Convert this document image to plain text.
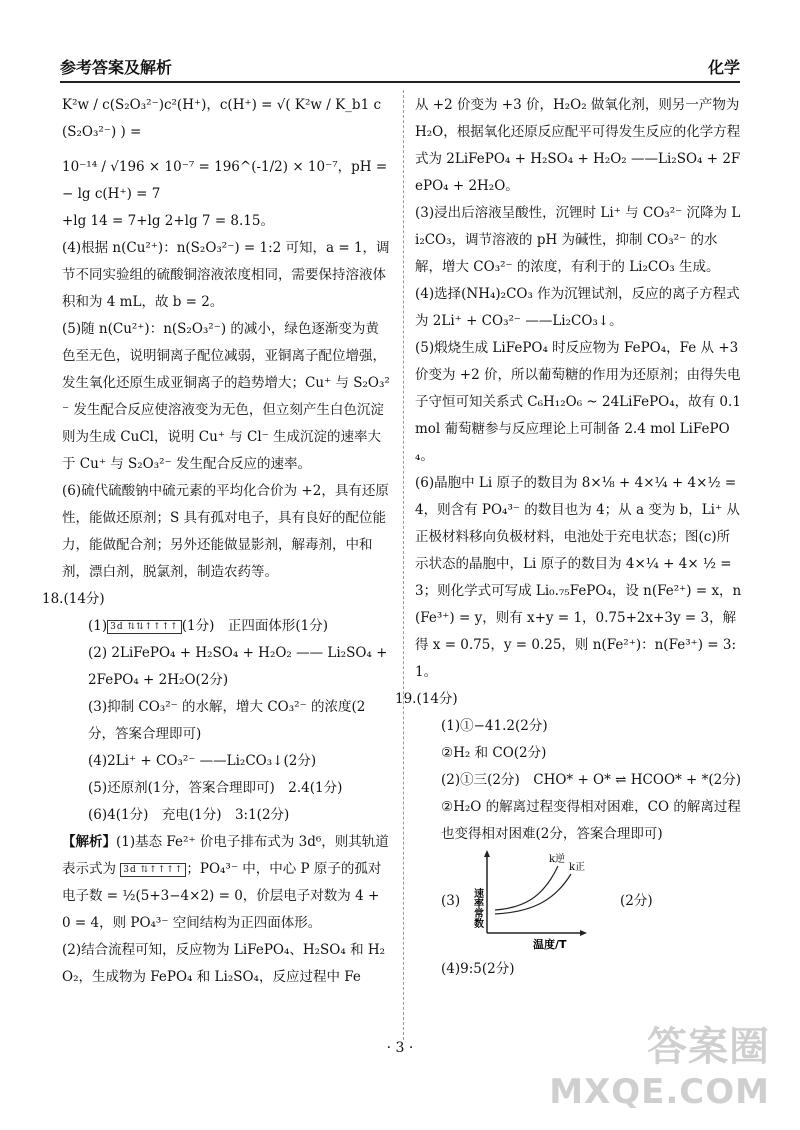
参考答案及解析	化学

K²w / c(S₂O₃²⁻)c²(H⁺)，c(H⁺) = √( K²w / K_b1 c(S₂O₃²⁻) ) =

10⁻¹⁴ / √196 × 10⁻⁷ = 196^(-1/2) × 10⁻⁷，pH = − lg c(H⁺) = 7

+lg 14 = 7+lg 2+lg 7 = 8.15。

(4)根据 n(Cu²⁺)：n(S₂O₃²⁻) = 1:2 可知，a = 1，调节不同实验组的硫酸铜溶液浓度相同，需要保持溶液体积和为 4 mL，故 b = 2。

(5)随 n(Cu²⁺)：n(S₂O₃²⁻) 的减小，绿色逐渐变为黄色至无色，说明铜离子配位减弱，亚铜离子配位增强，发生氧化还原生成亚铜离子的趋势增大；Cu⁺ 与 S₂O₃²⁻ 发生配合反应使溶液变为无色，但立刻产生白色沉淀则为生成 CuCl，说明 Cu⁺ 与 Cl⁻ 生成沉淀的速率大于 Cu⁺ 与 S₂O₃²⁻ 发生配合反应的速率。

(6)硫代硫酸钠中硫元素的平均化合价为 +2，具有还原性，能做还原剂；S 具有孤对电子，具有良好的配位能力，能做配合剂；另外还能做显影剂，解毒剂，中和剂，漂白剂，脱氯剂，制造农药等。

18.(14分)

(1) 3d ⇅⇅↑↑↑↑ (1分)　正四面体形(1分)

(2) 2LiFePO₄ + H₂SO₄ + H₂O₂ —— Li₂SO₄ + 2FePO₄ + 2H₂O(2分)

(3)抑制 CO₃²⁻ 的水解，增大 CO₃²⁻ 的浓度(2分，答案合理即可)

(4)2Li⁺ + CO₃²⁻ ——Li₂CO₃↓(2分)

(5)还原剂(1分，答案合理即可)　2.4(1分)

(6)4(1分)　充电(1分)　3:1(2分)

【解析】(1)基态 Fe²⁺ 价电子排布式为 3d⁶，则其轨道表示式为 3d ⇅↑↑↑↑ ；PO₄³⁻ 中，中心 P 原子的孤对电子数 = ½(5+3−4×2) = 0，价层电子对数为 4 + 0 = 4，则 PO₄³⁻ 空间结构为正四面体形。

(2)结合流程可知，反应物为 LiFePO₄、H₂SO₄ 和 H₂O₂，生成物为 FePO₄ 和 Li₂SO₄，反应过程中 Fe

从 +2 价变为 +3 价，H₂O₂ 做氧化剂，则另一产物为 H₂O，根据氧化还原反应配平可得发生反应的化学方程式为 2LiFePO₄ + H₂SO₄ + H₂O₂ ——Li₂SO₄ + 2FePO₄ + 2H₂O。

(3)浸出后溶液呈酸性，沉锂时 Li⁺ 与 CO₃²⁻ 沉降为 Li₂CO₃，调节溶液的 pH 为碱性，抑制 CO₃²⁻ 的水解，增大 CO₃²⁻ 的浓度，有利于的 Li₂CO₃ 生成。

(4)选择(NH₄)₂CO₃ 作为沉锂试剂，反应的离子方程式为 2Li⁺ + CO₃²⁻ ——Li₂CO₃↓。

(5)煅烧生成 LiFePO₄ 时反应物为 FePO₄，Fe 从 +3 价变为 +2 价，所以葡萄糖的作用为还原剂；由得失电子守恒可知关系式 C₆H₁₂O₆ ~ 24LiFePO₄，故有 0.1 mol 葡萄糖参与反应理论上可制备 2.4 mol LiFePO₄。

(6)晶胞中 Li 原子的数目为 8×⅛ + 4×¼ + 4×½ = 4，则含有 PO₄³⁻ 的数目也为 4；从 a 变为 b，Li⁺ 从正极材料移向负极材料，电池处于充电状态；图(c)所示状态的晶胞中，Li 原子的数目为 4×¼ + 4× ½ = 3；则化学式可写成 Li₀.₇₅FePO₄，设 n(Fe²⁺) = x，n(Fe³⁺) = y，则有 x+y = 1，0.75+2x+3y = 3，解得 x = 0.75，y = 0.25，则 n(Fe²⁺)：n(Fe³⁺) = 3:1。

19.(14分)

(1)①−41.2(2分)

②H₂ 和 CO(2分)

(2)①三(2分)　CHO* + O* ⇌ HCOO* + *(2分)

②H₂O 的解离过程变得相对困难，CO 的解离过程也变得相对困难(2分，答案合理即可)

(3) 速率常数
温度/T
k逆
k正
(2分)

(4)9:5(2分)

· 3 ·	答案圈
MXQE.COM
